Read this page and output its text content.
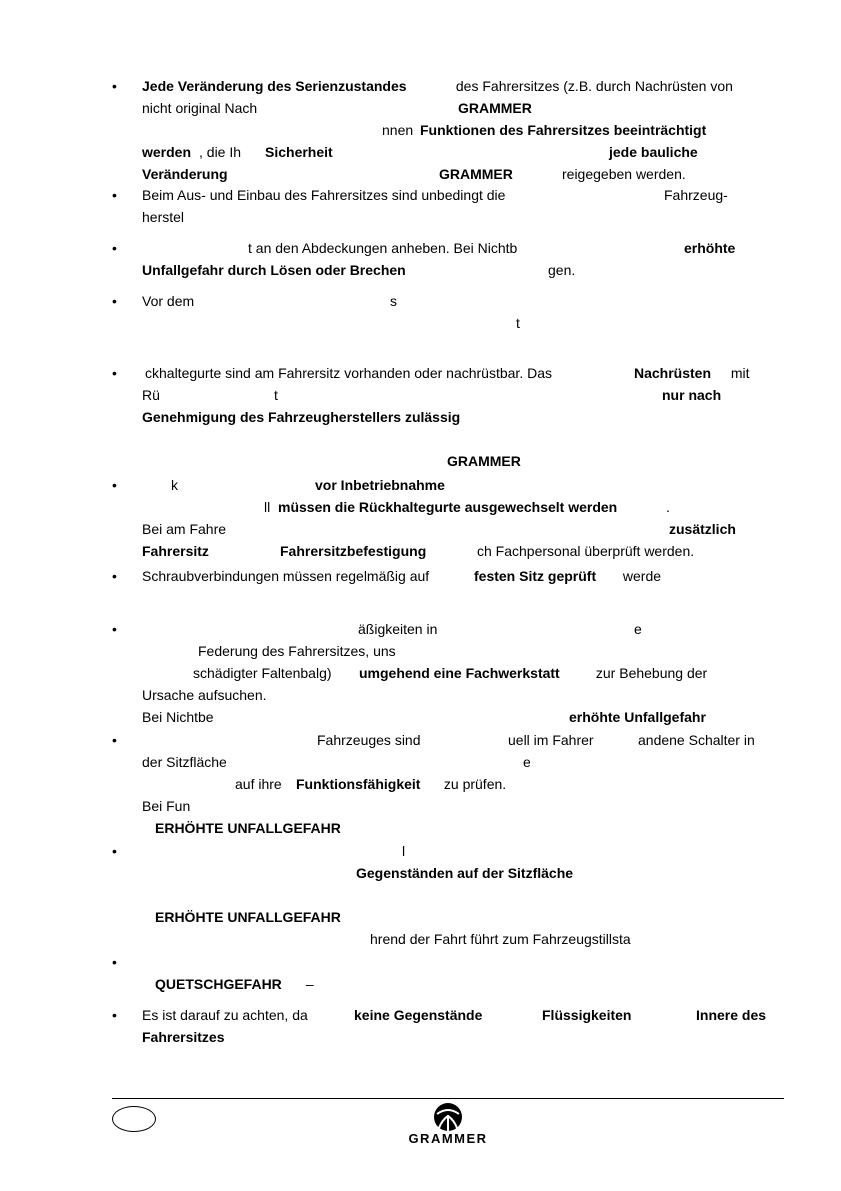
•	Jede Veränderung des Serienzustandes	des Fahrersitzes (z.B. durch Nachrüsten von
nicht original Nach	GRAMMER
nnen Funktionen des Fahrersitzes beeinträchtigt
werden , die Ih Sicherheit	jede bauliche
Veränderung	GRAMMER	reigegeben werden.
•	Beim Aus- und Einbau des Fahrersitzes sind unbedingt die	Fahrzeug-
herstel
•	t an den Abdeckungen anheben. Bei Nichtb	erhöhte
Unfallgefahr durch Lösen oder Brechen	gen.
•	Vor dem	s
t
•	ckhaltegurte sind am Fahrersitz vorhanden oder nachrüstbar. Das	Nachrüsten mit
Rü	t	nur nach
Genehmigung des Fahrzeugherstellers zulässig
GRAMMER
•	k	vor Inbetriebnahme
ll müssen die Rückhaltegurte ausgewechselt werden	.
Bei am Fahre	zusätzlich
Fahrersitz	Fahrersitzbefestigung	ch Fachpersonal überprüft werden.
•	Schraubverbindungen müssen regelmäßig auf	festen Sitz geprüft werde
•	äßigkeiten in	e
Federung des Fahrersitzes, uns
schädigter Faltenbalg) umgehend eine Fachwerkstatt zur Behebung der
Ursache aufsuchen.
Bei Nichtbe	erhöhte Unfallgefahr
•	Fahrzeuges sind	uell im Fahrer	andene Schalter in
der Sitzfläche	e
auf ihre Funktionsfähigkeit zu prüfen.
Bei Fun
ERHÖHTE UNFALLGEFAHR
•	l
Gegenständen auf der Sitzfläche
ERHÖHTE UNFALLGEFAHR
hrend der Fahrt führt zum Fahrzeugstillsta
•
QUETSCHGEFAHR –
•	Es ist darauf zu achten, da	keine Gegenstände	Flüssigkeiten	Innere des
Fahrersitzes
GRAMMER
